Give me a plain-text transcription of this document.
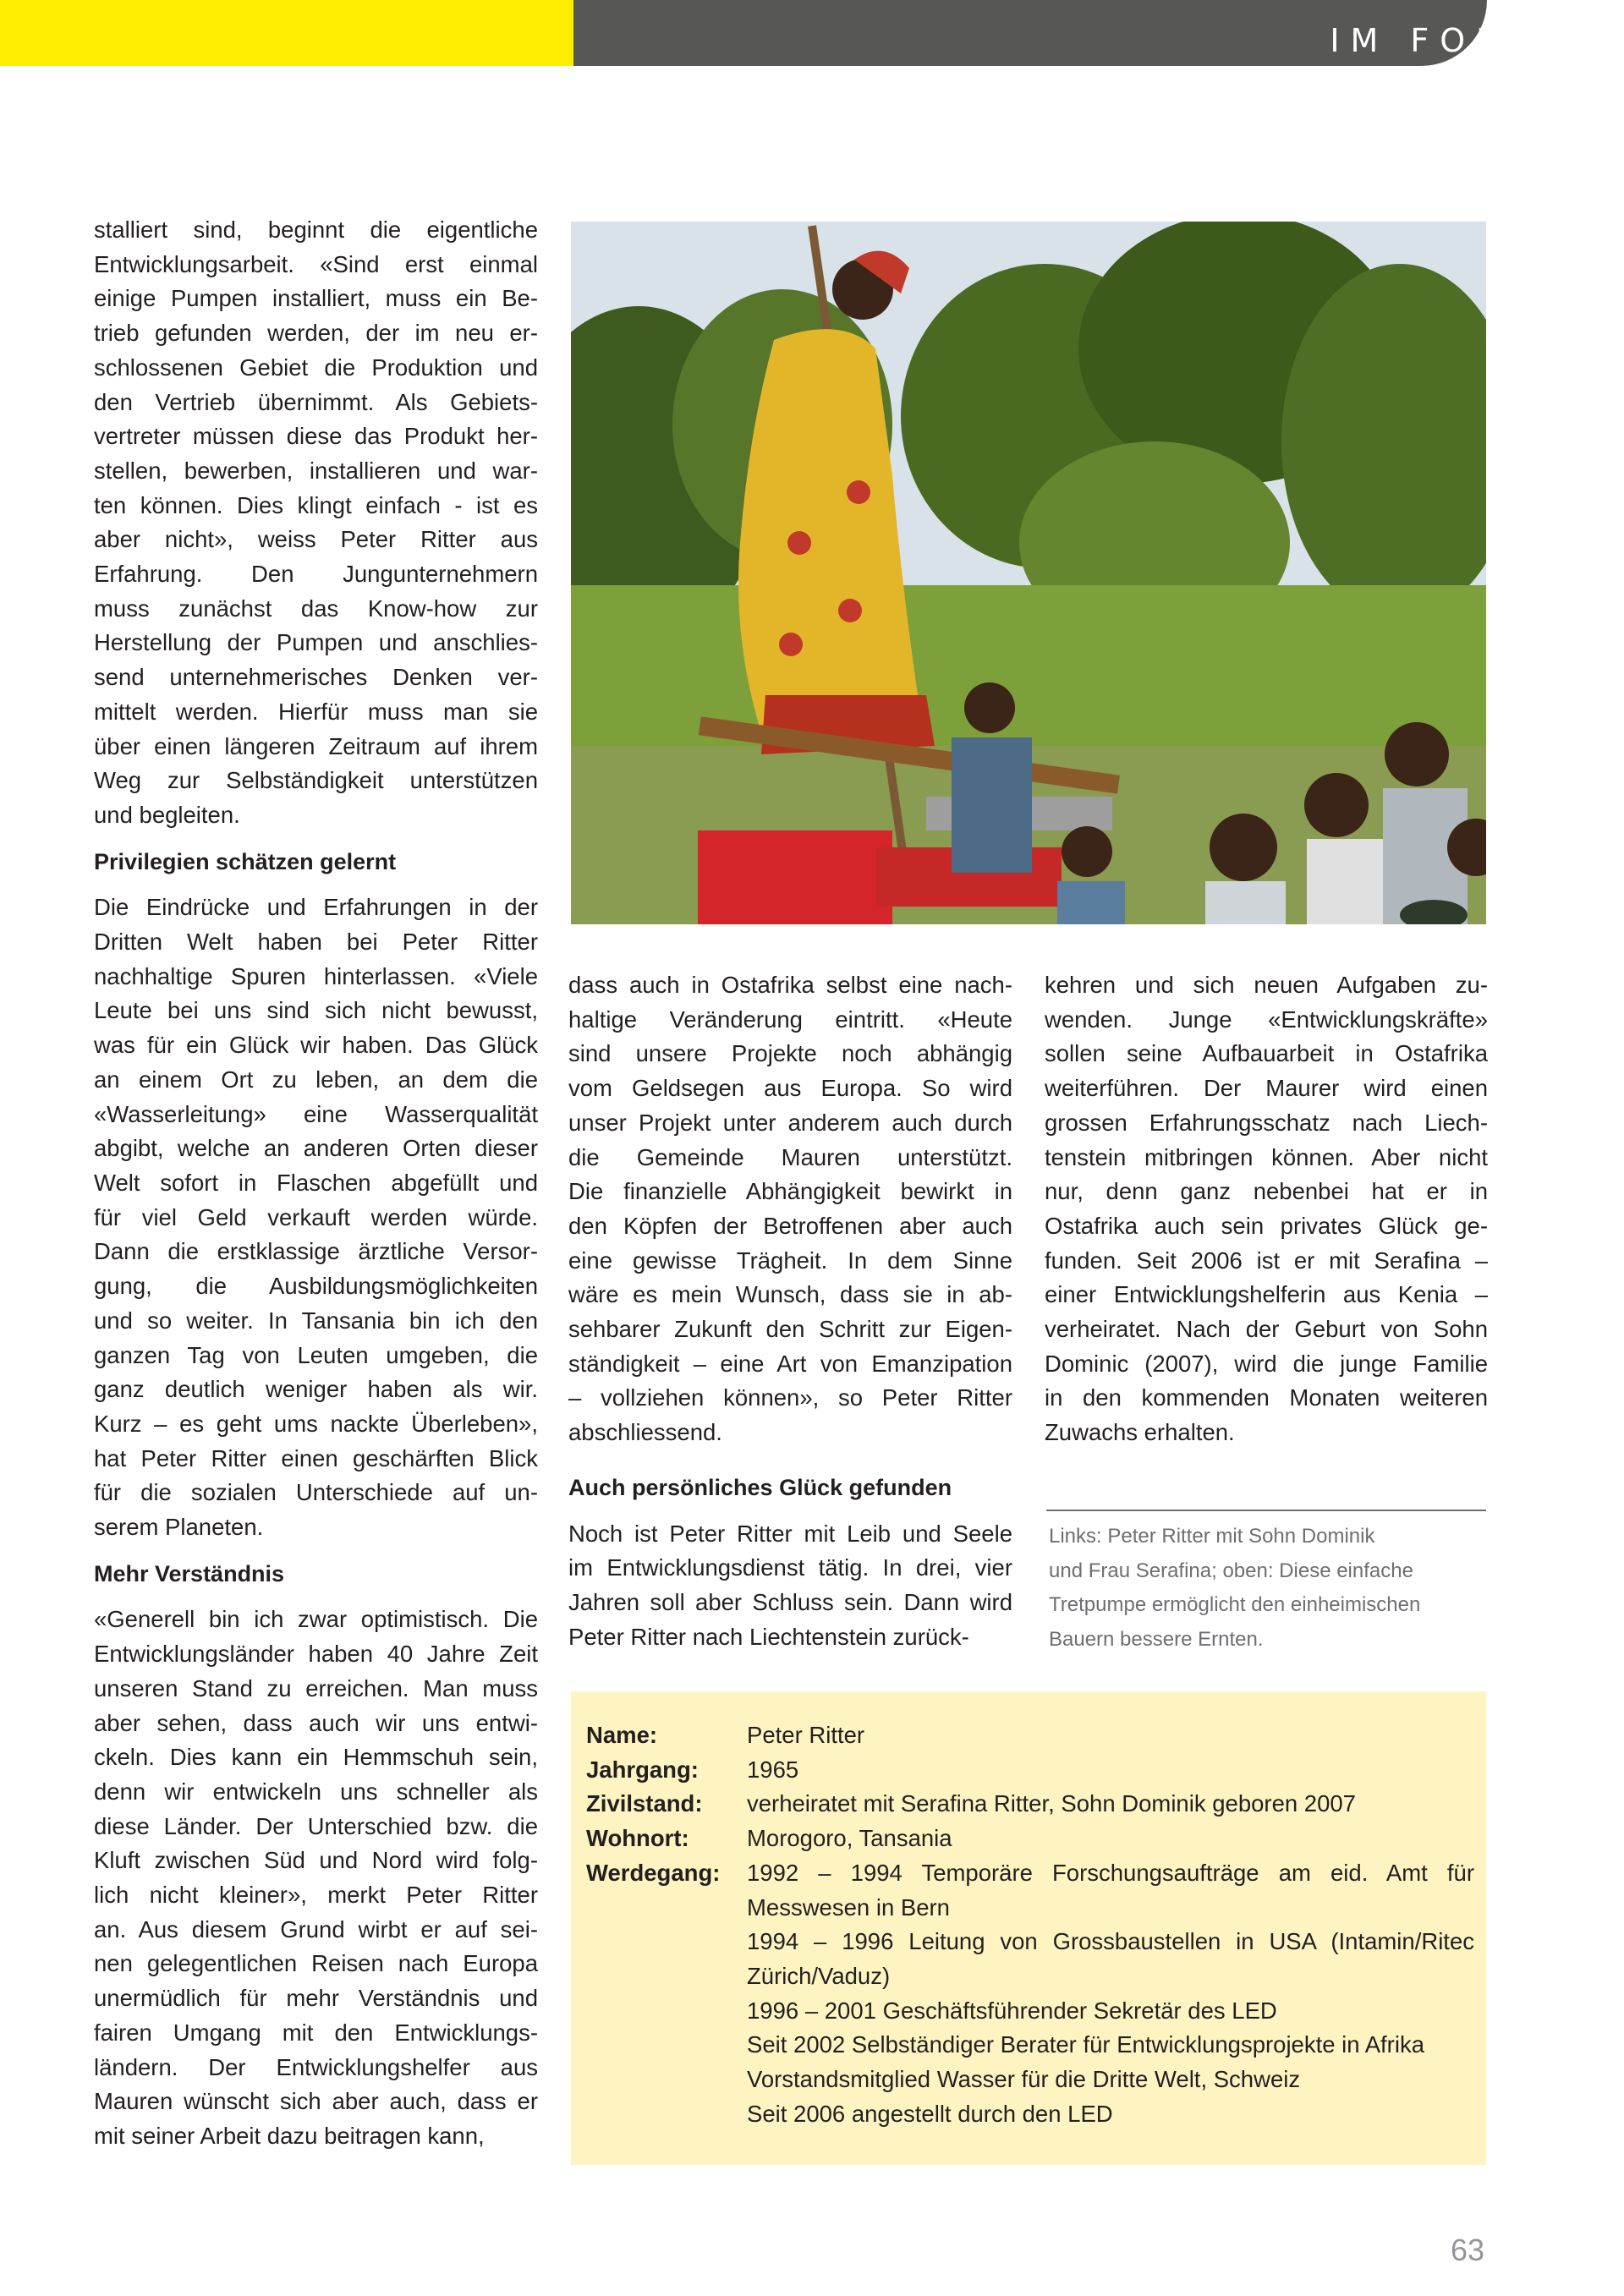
IM FOKUS

stalliert sind, beginnt die eigentliche
Entwicklungsarbeit. «Sind erst einmal
einige Pumpen installiert, muss ein Be-
trieb gefunden werden, der im neu er-
schlossenen Gebiet die Produktion und
den Vertrieb übernimmt. Als Gebiets-
vertreter müssen diese das Produkt her-
stellen, bewerben, installieren und war-
ten können. Dies klingt einfach - ist es
aber nicht», weiss Peter Ritter aus
Erfahrung. Den Jungunternehmern
muss zunächst das Know-how zur
Herstellung der Pumpen und anschlies-
send unternehmerisches Denken ver-
mittelt werden. Hierfür muss man sie
über einen längeren Zeitraum auf ihrem
Weg zur Selbständigkeit unterstützen
und begleiten.

Privilegien schätzen gelernt

Die Eindrücke und Erfahrungen in der
Dritten Welt haben bei Peter Ritter
nachhaltige Spuren hinterlassen. «Viele
Leute bei uns sind sich nicht bewusst,
was für ein Glück wir haben. Das Glück
an einem Ort zu leben, an dem die
«Wasserleitung» eine Wasserqualität
abgibt, welche an anderen Orten dieser
Welt sofort in Flaschen abgefüllt und
für viel Geld verkauft werden würde.
Dann die erstklassige ärztliche Versor-
gung, die Ausbildungsmöglichkeiten
und so weiter. In Tansania bin ich den
ganzen Tag von Leuten umgeben, die
ganz deutlich weniger haben als wir.
Kurz – es geht ums nackte Überleben»,
hat Peter Ritter einen geschärften Blick
für die sozialen Unterschiede auf un-
serem Planeten.

Mehr Verständnis

«Generell bin ich zwar optimistisch. Die
Entwicklungsländer haben 40 Jahre Zeit
unseren Stand zu erreichen. Man muss
aber sehen, dass auch wir uns entwi-
ckeln. Dies kann ein Hemmschuh sein,
denn wir entwickeln uns schneller als
diese Länder. Der Unterschied bzw. die
Kluft zwischen Süd und Nord wird folg-
lich nicht kleiner», merkt Peter Ritter
an. Aus diesem Grund wirbt er auf sei-
nen gelegentlichen Reisen nach Europa
unermüdlich für mehr Verständnis und
fairen Umgang mit den Entwicklungs-
ländern. Der Entwicklungshelfer aus
Mauren wünscht sich aber auch, dass er
mit seiner Arbeit dazu beitragen kann,

dass auch in Ostafrika selbst eine nach-
haltige Veränderung eintritt. «Heute
sind unsere Projekte noch abhängig
vom Geldsegen aus Europa. So wird
unser Projekt unter anderem auch durch
die Gemeinde Mauren unterstützt.
Die finanzielle Abhängigkeit bewirkt in
den Köpfen der Betroffenen aber auch
eine gewisse Trägheit. In dem Sinne
wäre es mein Wunsch, dass sie in ab-
sehbarer Zukunft den Schritt zur Eigen-
ständigkeit – eine Art von Emanzipation
– vollziehen können», so Peter Ritter
abschliessend.

Auch persönliches Glück gefunden

Noch ist Peter Ritter mit Leib und Seele
im Entwicklungsdienst tätig. In drei, vier
Jahren soll aber Schluss sein. Dann wird
Peter Ritter nach Liechtenstein zurück-

kehren und sich neuen Aufgaben zu-
wenden. Junge «Entwicklungskräfte»
sollen seine Aufbauarbeit in Ostafrika
weiterführen. Der Maurer wird einen
grossen Erfahrungsschatz nach Liech-
tenstein mitbringen können. Aber nicht
nur, denn ganz nebenbei hat er in
Ostafrika auch sein privates Glück ge-
funden. Seit 2006 ist er mit Serafina –
einer Entwicklungshelferin aus Kenia –
verheiratet. Nach der Geburt von Sohn
Dominic (2007), wird die junge Familie
in den kommenden Monaten weiteren
Zuwachs erhalten.

Links: Peter Ritter mit Sohn Dominik
und Frau Serafina; oben: Diese einfache
Tretpumpe ermöglicht den einheimischen
Bauern bessere Ernten.
Name:	Peter Ritter
Jahrgang:	1965
Zivilstand:	verheiratet mit Serafina Ritter, Sohn Dominik geboren 2007
Wohnort:	Morogoro, Tansania
Werdegang:	1992 – 1994 Temporäre Forschungsaufträge am eid. Amt für
Messwesen in Bern
1994 – 1996 Leitung von Grossbaustellen in USA (Intamin/Ritec
Zürich/Vaduz)
1996 – 2001 Geschäftsführender Sekretär des LED
Seit 2002 Selbständiger Berater für Entwicklungsprojekte in Afrika
Vorstandsmitglied Wasser für die Dritte Welt, Schweiz
Seit 2006 angestellt durch den LED
63
